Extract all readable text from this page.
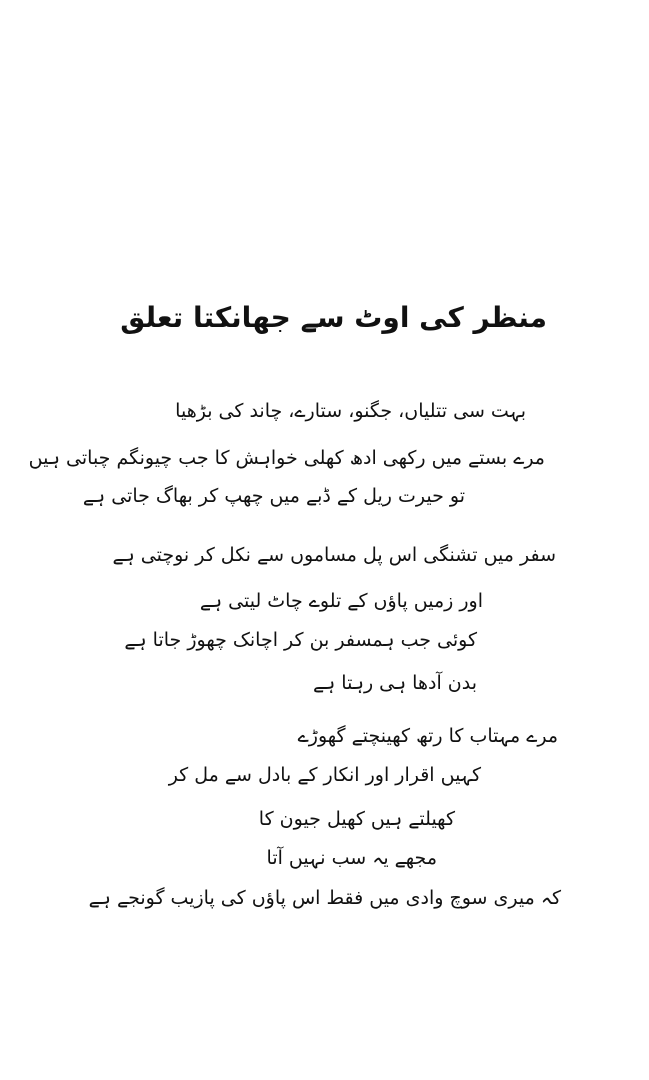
منظر کی اوٹ سے جھانکتا تعلق
بہت سی تتلیاں، جگنو، ستارے، چاند کی بڑھیا
مرے بستے میں رکھی ادھ کھلی خواہش کا جب چیونگم چباتی ہیں
تو حیرت ریل کے ڈبے میں چھپ کر بھاگ جاتی ہے
سفر میں تشنگی اس پل مساموں سے نکل کر نوچتی ہے
اور زمیں پاؤں کے تلوے چاٹ لیتی ہے
کوئی جب ہمسفر بن کر اچانک چھوڑ جاتا ہے
بدن آدھا ہی رہتا ہے
مرے مہتاب کا رتھ کھینچتے گھوڑے
کہیں اقرار اور انکار کے بادل سے مل کر
کھیلتے ہیں کھیل جیون کا
مجھے یہ سب نہیں آتا
کہ میری سوچ وادی میں فقط اس پاؤں کی پازیب گونجے ہے
